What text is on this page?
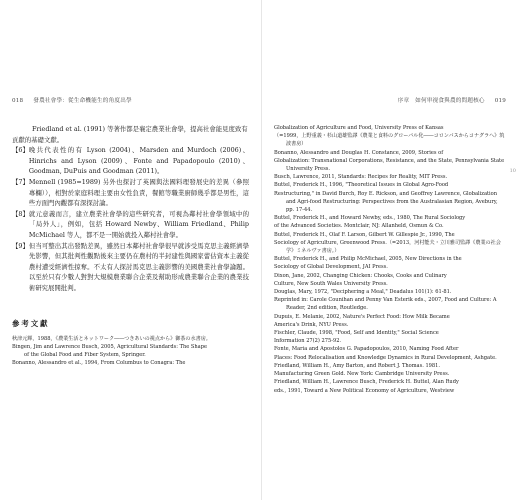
018 發農社會學：從生命機能生的角度出學

Friedland et al. (1991) 等著作都是襄定農業社會學，提高社會能見度致有貢獻的基礎文獻。

【6】 晚共代表性的有 Lyson (2004)、Marsden and Murdoch (2006)、Hinrichs and Lyson (2009)、Fonte and Papadopoulo (2010)、Goodman, DuPuis and Goodman (2011)。
【7】 Mennell (1985=1989) 另外也探討了英國與法國料理發展史的差異（參照專欄）），相對於家庭料理主要由女性負責，餐館等職業廚師幾乎都是男性，這些方面門內觀都有深探討論。
【8】 就元意義而言，建立農業社會學的這些研究者，可視為鄰村社會學領域中的「局外人」，例如，包括 Howard Newby、William Friedland、Philip McMichael 等人，都不是一開始就投入鄰村社會學。
【9】 但当可整出其出發點差異，雖然日本鄰村社會學很早就涉受馬克思主義經濟學先影響，但其批判性觀點後來主要仍在農村的半封建性與國家蕾估資本主義從農村遭受經濟性掠奪。不太有人探討馬克思主義影響的美國農業社會學論題。以至於只有少數人對對大規模農業聯合企業及幫助形成農業聯合企業的農業技術研究展開批判。
參考文獻

秋津元輝，1988，《農業生活とネットワーク――つきあいの視点から》御茶の水書房。

Bingen, Jim and Lawrence Busch, 2005, Agricultural Standards: The Shape
of the Global Food and Fiber System, Springer.

Bonanno, Alessandro et al., 1994, From Columbus to Conagra: The

序章　如何审视食與農的問題核心 019
10

Globalization of Agriculture and Food, University Press of Kansas
（=1999，上野重義・杉山道雄監譯《農業と食料のグローバル化――コロンバスからコナグラへ》筑波書房）

Bonanno, Alessandro and Douglas H. Constance, 2009, Stories of
Globalization: Transnational Corporations, Resistance, and the State, Pennsylvania State University Press.

Busch, Lawrence, 2011, Standards: Recipes for Reality, MIT Press.

Buttel, Frederick H., 1996, "Theoretical Issues in Global Agro-Food
Restructuring," in David Burch, Roy E. Rickson, and Geoffrey Lawrence, Globalization and Agri-food Restructuring: Perspectives from the Australasian Region, Avebury, pp. 17-44.

Buttel, Frederick H., and Howard Newby, eds., 1980, The Rural Sociology
of the Advanced Societies. Montclair, NJ: Allanheld, Osmun & Co.

Buttel, Frederick H., Olaf F. Larson, Gilbert W. Gillespie Jr., 1990, The
Sociology of Agriculture, Greenwood Press.（=2013，河村能夫・立川雅司監譯《農業の社会学》ミネルヴァ書房。）

Buttel, Frederick H., and Philip McMichael, 2005, New Directions in the
Sociology of Global Development, JAI Press.

Dixon, Jane, 2002, Changing Chicken: Chooks, Cooks and Culinary
Culture, New South Wales University Press.

Douglas, Mary, 1972, "Deciphering a Meal," Deadalus 101(1): 61-81.
Reprinted in: Carole Counihan and Penny Van Esterik eds., 2007, Food and Culture: A Reader, 2nd edition, Routledge.

Dupuis, E. Melanie, 2002, Nature's Perfect Food: How Milk Became
America's Drink, NYU Press.

Fischler, Claude, 1998, "Food, Self and Identity," Social Science
Information 27(2) 275-92.

Fonte, Maria and Apostolos G. Papadopoulos, 2010, Naming Food After
Places: Food Relocalisation and Knowledge Dynamics in Rural Development, Ashgate.

Friedland, William H., Amy Barton, and Robert J. Thomas. 1981.
Manufacturing Green Gold. New York: Cambridge University Press.

Friedland, William H., Lawrence Busch, Frederick H. Buttel, Alan Rudy
eds., 1991, Toward a New Political Economy of Agriculture, Westview
